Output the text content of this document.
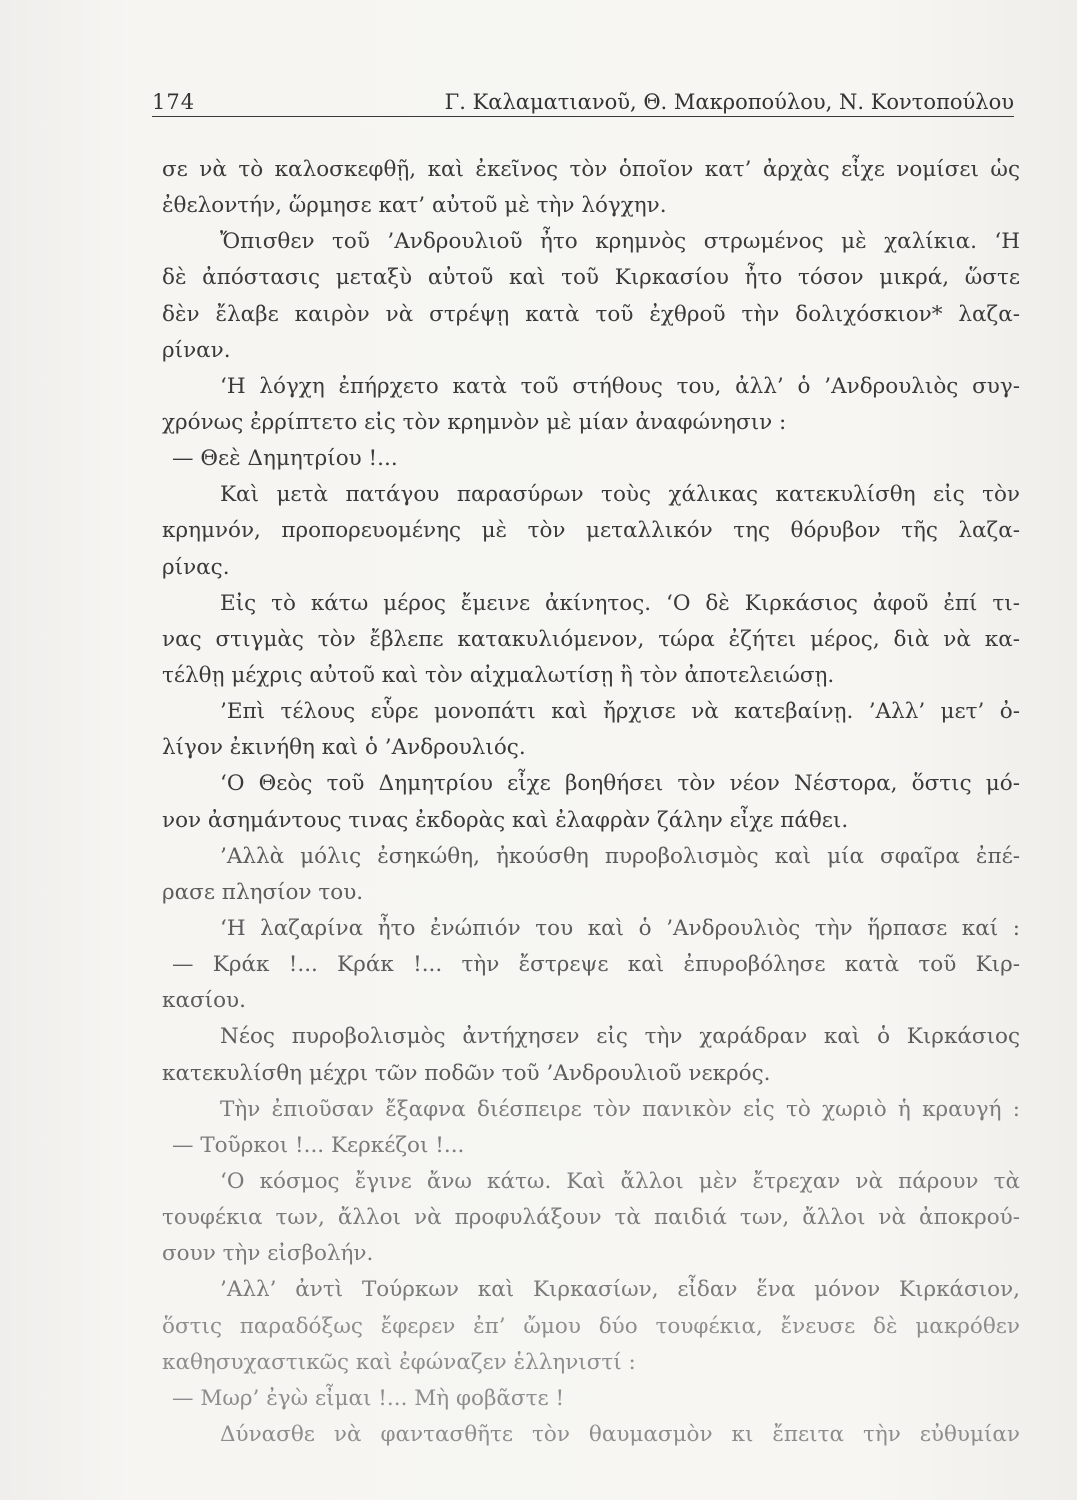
174	Γ. Καλαματιανοῦ, Θ. Μακροπούλου, Ν. Κοντοπούλου
σε νὰ τὸ καλοσκεφθῇ, καὶ ἐκεῖνος τὸν ὁποῖον κατ’ ἀρχὰς εἶχε νομίσει ὡς
ἐθελοντήν, ὥρμησε κατ’ αὐτοῦ μὲ τὴν λόγχην.
Ὄπισθεν τοῦ ’Ανδρουλιοῦ ἦτο κρημνὸς στρωμένος μὲ χαλίκια. ‘Η
δὲ ἀπόστασις μεταξὺ αὐτοῦ καὶ τοῦ Κιρκασίου ἦτο τόσον μικρά, ὥστε
δὲν ἔλαβε καιρὸν νὰ στρέψῃ κατὰ τοῦ ἐχθροῦ τὴν δολιχόσκιον* λαζα-
ρίναν.
‘Η λόγχη ἐπήρχετο κατὰ τοῦ στήθους του, ἀλλ’ ὁ ’Ανδρουλιὸς συγ-
χρόνως ἐρρίπτετο εἰς τὸν κρημνὸν μὲ μίαν ἀναφώνησιν :
— Θεὲ Δημητρίου !...
Καὶ μετὰ πατάγου παρασύρων τοὺς χάλικας κατεκυλίσθη εἰς τὸν
κρημνόν, προπορευομένης μὲ τὸν μεταλλικόν της θόρυβον τῆς λαζα-
ρίνας.
Εἰς τὸ κάτω μέρος ἔμεινε ἀκίνητος. ‘Ο δὲ Κιρκάσιος ἀφοῦ ἐπί τι-
νας στιγμὰς τὸν ἔβλεπε κατακυλιόμενον, τώρα ἐζήτει μέρος, διὰ νὰ κα-
τέλθῃ μέχρις αὐτοῦ καὶ τὸν αἰχμαλωτίσῃ ἢ τὸν ἀποτελειώσῃ.
’Επὶ τέλους εὗρε μονοπάτι καὶ ἤρχισε νὰ κατεβαίνῃ. ’Αλλ’ μετ’ ὀ-
λίγον ἐκινήθη καὶ ὁ ’Ανδρουλιός.
‘Ο Θεὸς τοῦ Δημητρίου εἶχε βοηθήσει τὸν νέον Νέστορα, ὅστις μό-
νον ἀσημάντους τινας ἐκδορὰς καὶ ἐλαφρὰν ζάλην εἶχε πάθει.
’Αλλὰ μόλις ἐσηκώθη, ἠκούσθη πυροβολισμὸς καὶ μία σφαῖρα ἐπέ-
ρασε πλησίον του.
‘Η λαζαρίνα ἦτο ἐνώπιόν του καὶ ὁ ’Ανδρουλιὸς τὴν ἥρπασε καί :
— Κράκ !... Κράκ !... τὴν ἔστρεψε καὶ ἐπυροβόλησε κατὰ τοῦ Κιρ-
κασίου.
Νέος πυροβολισμὸς ἀντήχησεν εἰς τὴν χαράδραν καὶ ὁ Κιρκάσιος
κατεκυλίσθη μέχρι τῶν ποδῶν τοῦ ’Ανδρουλιοῦ νεκρός.
Τὴν ἐπιοῦσαν ἔξαφνα διέσπειρε τὸν πανικὸν εἰς τὸ χωριὸ ἡ κραυγή :
— Τοῦρκοι !... Κερκέζοι !...
‘Ο κόσμος ἔγινε ἄνω κάτω. Καὶ ἄλλοι μὲν ἔτρεχαν νὰ πάρουν τὰ
τουφέκια των, ἄλλοι νὰ προφυλάξουν τὰ παιδιά των, ἄλλοι νὰ ἀποκρού-
σουν τὴν εἰσβολήν.
’Αλλ’ ἀντὶ Τούρκων καὶ Κιρκασίων, εἶδαν ἕνα μόνον Κιρκάσιον,
ὅστις παραδόξως ἔφερεν ἐπ’ ὤμου δύο τουφέκια, ἔνευσε δὲ μακρόθεν
καθησυχαστικῶς καὶ ἐφώναζεν ἑλληνιστί :
— Μωρ’ ἐγὼ εἶμαι !... Μὴ φοβᾶστε !
Δύνασθε νὰ φαντασθῆτε τὸν θαυμασμὸν κι ἔπειτα τὴν εὐθυμίαν
